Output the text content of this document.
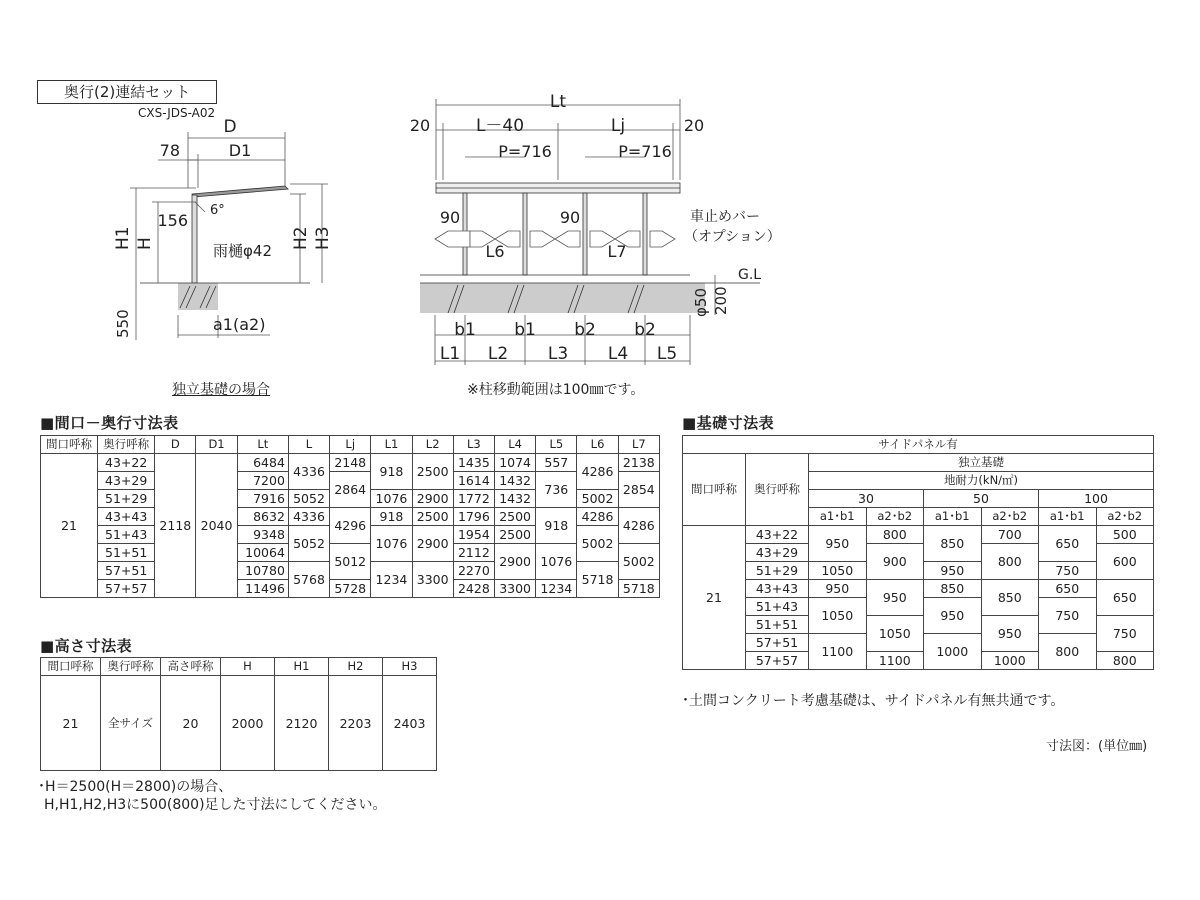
奥行(2)連結セット
CXS-JDS-A02
D
D1
78
156
6°
雨樋φ42
H1 H	H2 H3
550	a1(a2)
独立基礎の場合
Lt
20	20
L－40	Lj
P=716	P=716
90	90
L6	L7
車止めバー
（オプション）
G.L
φ50 200
b1 b1 b2 b2
L1 L2 L3 L4 L5
※柱移動範囲は100㎜です。
■間口－奥行寸法表
間口呼称	奥行呼称	D	D1	Lt	L	Lj	L1	L2	L3	L4	L5	L6	L7
21	43+22	2118	2040	6484	4336	2148	918	2500	1435	1074	557	4286	2138
	43+29			7200		2864			1614	1432	736		2854
	51+29			7916	5052		1076	2900	1772	1432		5002	
	43+43			8632	4336	4296	918	2500	1796	2500	918	4286	4286
	51+43			9348	5052		1076	2900	1954	2500		5002	
	51+51			10064		5012			2112	2900	1076		5002
	57+51			10780	5768		1234	3300	2270			5718	
	57+57			11496		5728			2428	3300	1234		5718
■高さ寸法表
間口呼称	奥行呼称	高さ呼称	H	H1	H2	H3
21	全サイズ	20	2000	2120	2203	2403
･H＝2500(H＝2800)の場合、
H,H1,H2,H3に500(800)足した寸法にしてください。
■基礎寸法表
サイドパネル有							
間口呼称	奥行呼称	独立基礎					
		地耐力(kN/㎡)					
		30		50		100	
		a1･b1	a2･b2	a1･b1	a2･b2	a1･b1	a2･b2
21	43+22	950	800	850	700	650	500
	43+29		900		800		600
	51+29	1050		950		750	
	43+43	950	950	850	850	650	650
	51+43	1050		950		750	
	51+51		1050		950		750
	57+51	1100		1000		800	
	57+57		1100		1000		800
･土間コンクリート考慮基礎は、サイドパネル有無共通です。
寸法図：(単位㎜)
